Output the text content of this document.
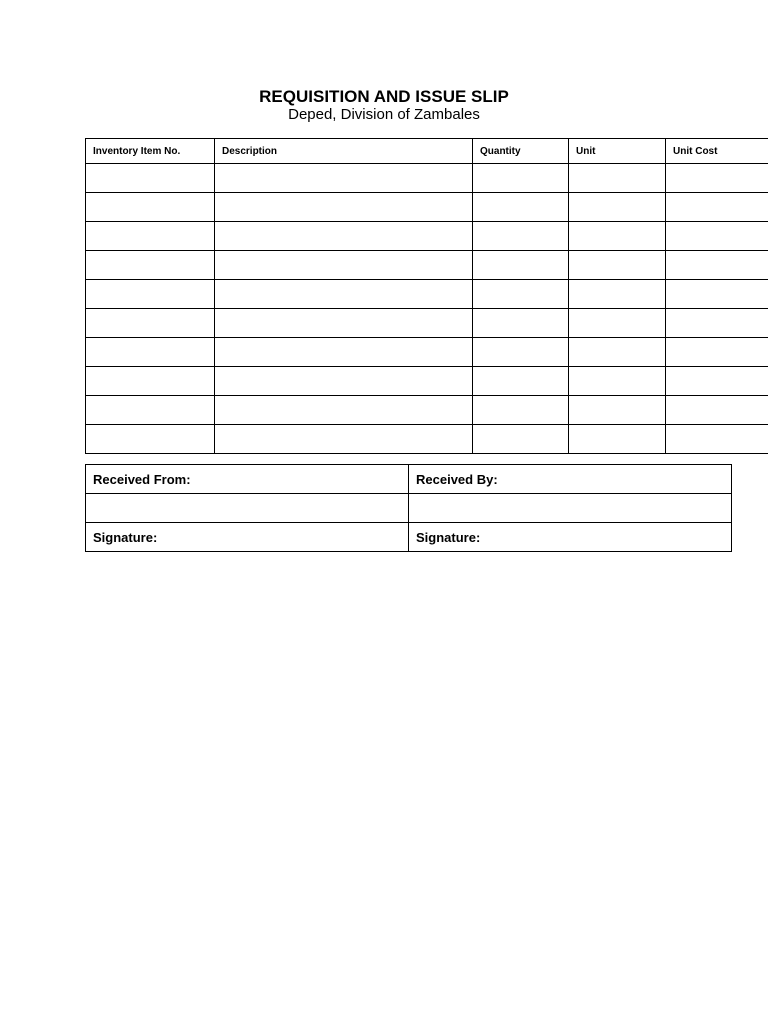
REQUISITION AND ISSUE SLIP
Deped, Division of Zambales
Inventory Item No.	Description	Quantity	Unit	Unit Cost

Received From:	Received By:

Signature:	Signature:
